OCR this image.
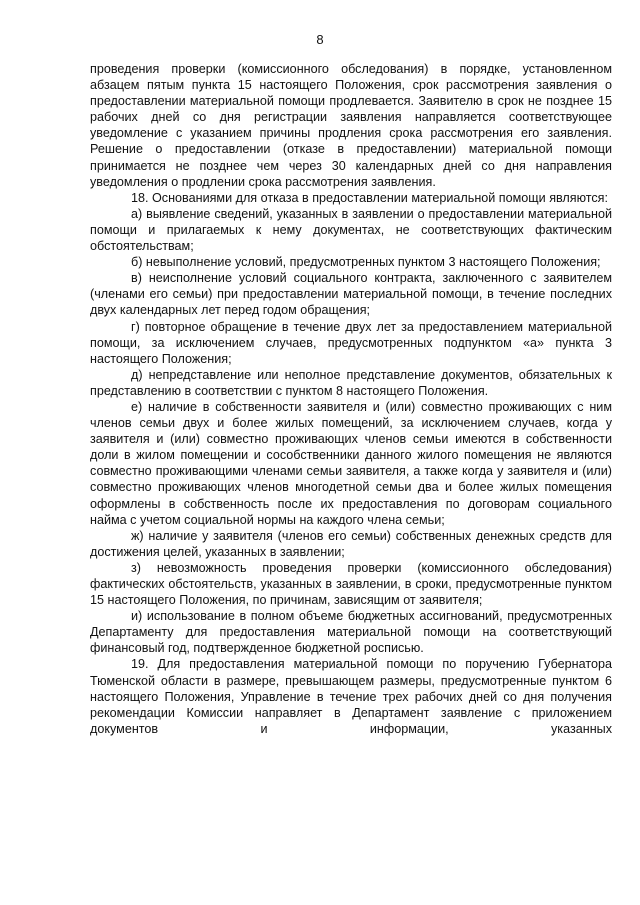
8

проведения проверки (комиссионного обследования) в порядке, установленном абзацем пятым пункта 15 настоящего Положения, срок рассмотрения заявления о предоставлении материальной помощи продлевается. Заявителю в срок не позднее 15 рабочих дней со дня регистрации заявления направляется соответствующее уведомление с указанием причины продления срока рассмотрения его заявления. Решение о предоставлении (отказе в предоставлении) материальной помощи принимается не позднее чем через 30 календарных дней со дня направления уведомления о продлении срока рассмотрения заявления.

18. Основаниями для отказа в предоставлении материальной помощи являются:

а) выявление сведений, указанных в заявлении о предоставлении материальной помощи и прилагаемых к нему документах, не соответствующих фактическим обстоятельствам;

б) невыполнение условий, предусмотренных пунктом 3 настоящего Положения;

в) неисполнение условий социального контракта, заключенного с заявителем (членами его семьи) при предоставлении материальной помощи, в течение последних двух календарных лет перед годом обращения;

г) повторное обращение в течение двух лет за предоставлением материальной помощи, за исключением случаев, предусмотренных подпунктом «а» пункта 3 настоящего Положения;

д) непредставление или неполное представление документов, обязательных к представлению в соответствии с пунктом 8 настоящего Положения.

е) наличие в собственности заявителя и (или) совместно проживающих с ним членов семьи двух и более жилых помещений, за исключением случаев, когда у заявителя и (или) совместно проживающих членов семьи имеются в собственности доли в жилом помещении и сособственники данного жилого помещения не являются совместно проживающими членами семьи заявителя, а также когда у заявителя и (или) совместно проживающих членов многодетной семьи два и более жилых помещения оформлены в собственность после их предоставления по договорам социального найма с учетом социальной нормы на каждого члена семьи;

ж) наличие у заявителя (членов его семьи) собственных денежных средств для достижения целей, указанных в заявлении;

з) невозможность проведения проверки (комиссионного обследования) фактических обстоятельств, указанных в заявлении, в сроки, предусмотренные пунктом 15 настоящего Положения, по причинам, зависящим от заявителя;

и) использование в полном объеме бюджетных ассигнований, предусмотренных Департаменту для предоставления материальной помощи на соответствующий финансовый год, подтвержденное бюджетной росписью.

19. Для предоставления материальной помощи по поручению Губернатора Тюменской области в размере, превышающем размеры, предусмотренные пунктом 6 настоящего Положения, Управление в течение трех рабочих дней со дня получения рекомендации Комиссии направляет в Департамент заявление с приложением документов и информации, указанных
